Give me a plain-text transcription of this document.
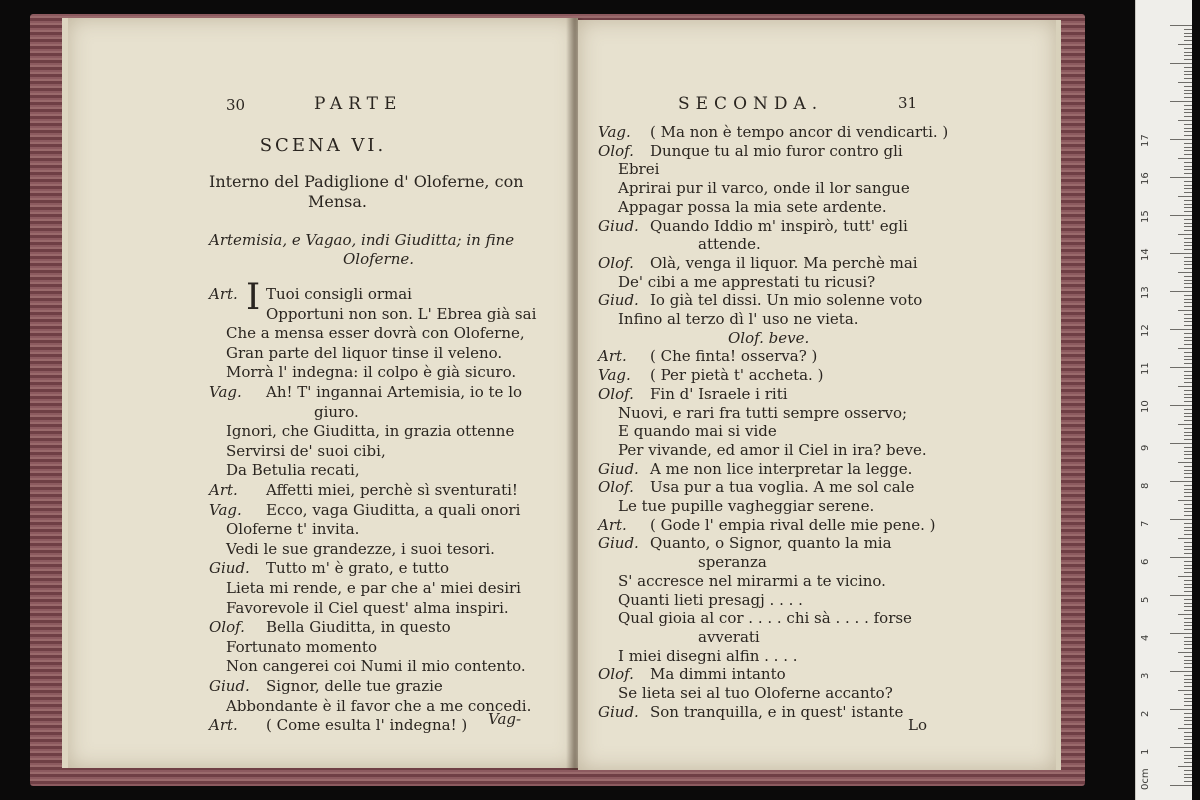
30	PARTE
SCENA VI.
Interno del Padiglione d' Oloferne, con
Mensa.
Artemisia, e Vagao, indi Giuditta; in fine
Oloferne.
I
Art. Tuoi consigli ormai
Opportuni non son. L' Ebrea già sai
Che a mensa esser dovrà con Oloferne,
Gran parte del liquor tinse il veleno.
Morrà l' indegna: il colpo è già sicuro.
Vag. Ah! T' ingannai Artemisia, io te lo
giuro.
Ignori, che Giuditta, in grazia ottenne
Servirsi de' suoi cibi,
Da Betulia recati,
Art. Affetti miei, perchè sì sventurati!
Vag. Ecco, vaga Giuditta, a quali onori
Oloferne t' invita.
Vedi le sue grandezze, i suoi tesori.
Giud. Tutto m' è grato, e tutto
Lieta mi rende, e par che a' miei desiri
Favorevole il Ciel quest' alma inspiri.
Olof. Bella Giuditta, in questo
Fortunato momento
Non cangerei coi Numi il mio contento.
Giud. Signor, delle tue grazie
Abbondante è il favor che a me concedi.
Art. ( Come esulta l' indegna! ) Vag-
SECONDA.	31
Vag. ( Ma non è tempo ancor di vendicarti. )
Olof. Dunque tu al mio furor contro gli
Ebrei
Aprirai pur il varco, onde il lor sangue
Appagar possa la mia sete ardente.
Giud. Quando Iddio m' inspirò, tutt' egli
attende.
Olof. Olà, venga il liquor. Ma perchè mai
De' cibi a me apprestati tu ricusi?
Giud. Io già tel dissi. Un mio solenne voto
Infino al terzo dì l' uso ne vieta.
Olof. beve.
Art. ( Che finta! osserva? )
Vag. ( Per pietà t' accheta. )
Olof. Fin d' Israele i riti
Nuovi, e rari fra tutti sempre osservo;
E quando mai si vide
Per vivande, ed amor il Ciel in ira? beve.
Giud. A me non lice interpretar la legge.
Olof. Usa pur a tua voglia. A me sol cale
Le tue pupille vagheggiar serene.
Art. ( Gode l' empia rival delle mie pene. )
Giud. Quanto, o Signor, quanto la mia
speranza
S' accresce nel mirarmi a te vicino.
Quanti lieti presagj . . . .
Qual gioia al cor . . . . chi sà . . . . forse
avverati
I miei disegni alfin . . . .
Olof. Ma dimmi intanto
Se lieta sei al tuo Oloferne accanto?
Giud. Son tranquilla, e in quest' istante
Lo
0cm
1
2
3
4
5
6
7
8
9
10
11
12
13
14
15
16
17
